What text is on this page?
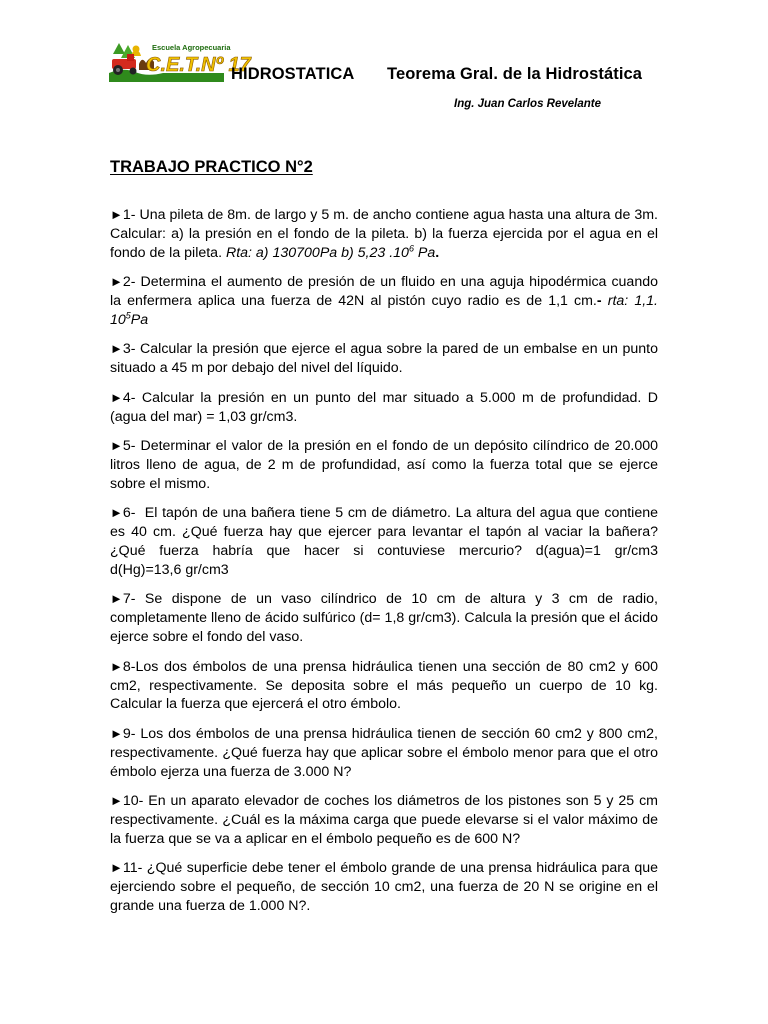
Escuela Agropecuaria
C.E.T.Nº 17
HIDROSTATICA Teorema Gral. de la Hidrostática
Ing. Juan Carlos Revelante
TRABAJO PRACTICO N°2

►1- Una pileta de 8m. de largo y 5 m. de ancho contiene agua hasta una altura de 3m. Calcular: a) la presión en el fondo de la pileta. b) la fuerza ejercida por el agua en el fondo de la pileta. Rta: a) 130700Pa b) 5,23 $.10^6$ Pa.

►2- Determina el aumento de presión de un fluido en una aguja hipodérmica cuando la enfermera aplica una fuerza de 42N al pistón cuyo radio es de 1,1 cm.- rta: 1,1. $10^5Pa$

►3- Calcular la presión que ejerce el agua sobre la pared de un embalse en un punto situado a 45 m por debajo del nivel del líquido.

►4- Calcular la presión en un punto del mar situado a 5.000 m de profundidad. D (agua del mar) = 1,03 gr/cm3.

►5- Determinar el valor de la presión en el fondo de un depósito cilíndrico de 20.000 litros lleno de agua, de 2 m de profundidad, así como la fuerza total que se ejerce sobre el mismo.

►6-  El tapón de una bañera tiene 5 cm de diámetro. La altura del agua que contiene es 40 cm. ¿Qué fuerza hay que ejercer para levantar el tapón al vaciar la bañera? ¿Qué fuerza habría que hacer si contuviese mercurio? d(agua)=1 gr/cm3      d(Hg)=13,6 gr/cm3

►7- Se dispone de un vaso cilíndrico de 10 cm de altura y 3 cm de radio, completamente lleno de ácido sulfúrico (d= 1,8 gr/cm3). Calcula la presión que el ácido ejerce sobre el fondo del vaso.

►8-Los dos émbolos de una prensa hidráulica tienen una sección de 80 cm2 y 600 cm2, respectivamente. Se deposita sobre el más pequeño un cuerpo de 10 kg. Calcular la fuerza que ejercerá el otro émbolo.

►9- Los dos émbolos de una prensa hidráulica tienen de sección 60 cm2 y 800 cm2, respectivamente. ¿Qué fuerza hay que aplicar sobre el émbolo menor para que el otro émbolo ejerza una fuerza de 3.000 N?

►10- En un aparato elevador de coches los diámetros de los pistones son 5 y 25 cm respectivamente. ¿Cuál es la máxima carga que puede elevarse si el valor máximo de la fuerza que se va a aplicar en el émbolo pequeño es de 600 N?

►11- ¿Qué superficie debe tener el émbolo grande de una prensa hidráulica para que ejerciendo sobre el pequeño, de sección 10 cm2, una fuerza de 20 N se origine en el grande una fuerza de 1.000 N?.
